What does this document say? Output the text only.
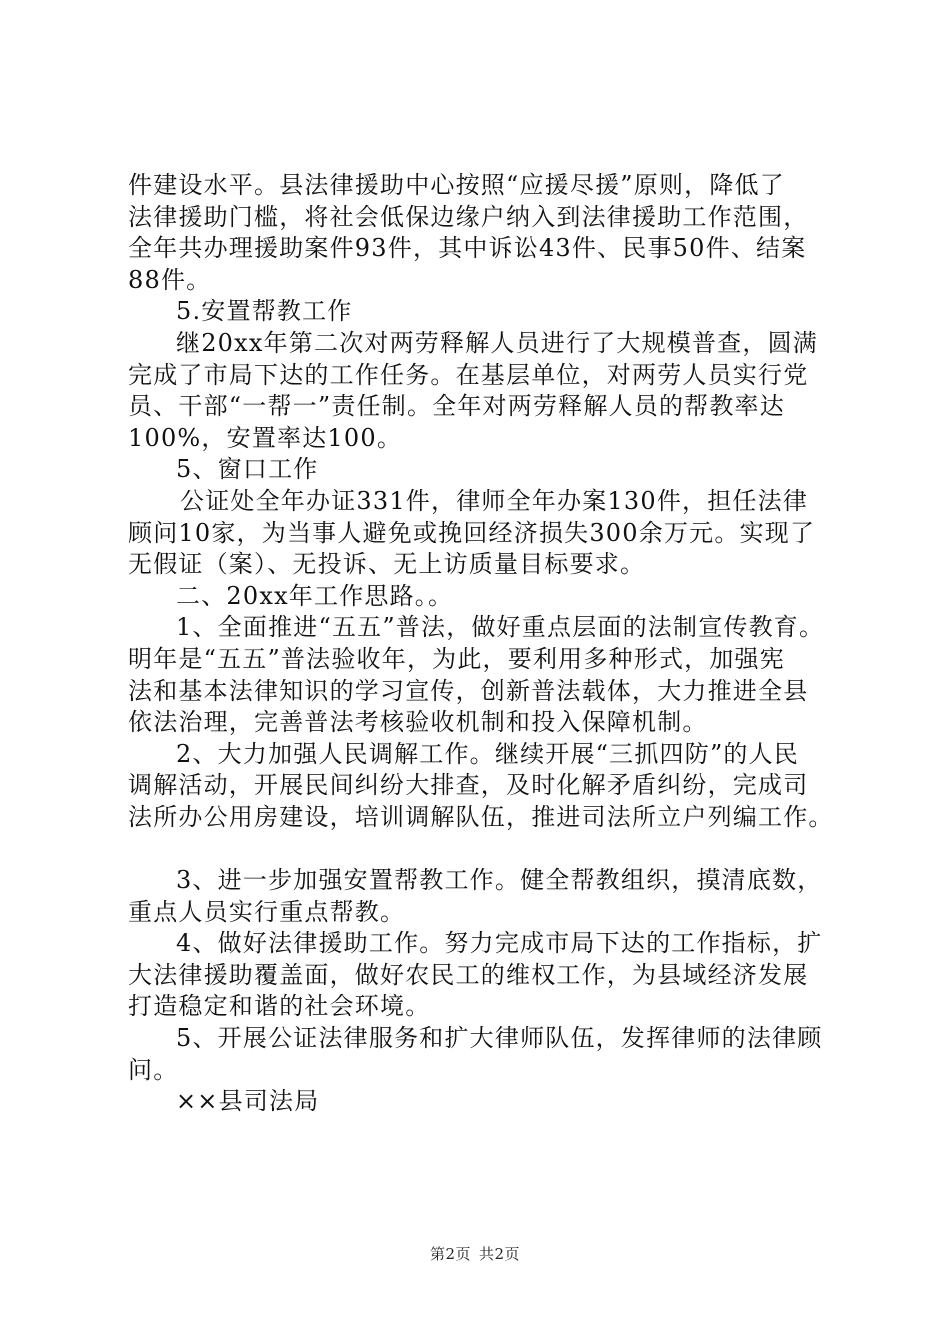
件建设水平。县法律援助中心按照“应援尽援”原则，降低了
法律援助门槛，将社会低保边缘户纳入到法律援助工作范围，
全年共办理援助案件93件，其中诉讼43件、民事50件、结案
88件。
5.安置帮教工作
继20xx年第二次对两劳释解人员进行了大规模普查，圆满
完成了市局下达的工作任务。在基层单位，对两劳人员实行党
员、干部“一帮一”责任制。全年对两劳释解人员的帮教率达
100%，安置率达100。
5、窗口工作
公证处全年办证331件，律师全年办案130件，担任法律
顾问10家，为当事人避免或挽回经济损失300余万元。实现了
无假证（案）、无投诉、无上访质量目标要求。
二、20xx年工作思路。。
1、全面推进“五五”普法，做好重点层面的法制宣传教育。
明年是“五五”普法验收年，为此，要利用多种形式，加强宪
法和基本法律知识的学习宣传，创新普法载体，大力推进全县
依法治理，完善普法考核验收机制和投入保障机制。
2、大力加强人民调解工作。继续开展“三抓四防”的人民
调解活动，开展民间纠纷大排查，及时化解矛盾纠纷，完成司
法所办公用房建设，培训调解队伍，推进司法所立户列编工作。
3、进一步加强安置帮教工作。健全帮教组织，摸清底数，
重点人员实行重点帮教。
4、做好法律援助工作。努力完成市局下达的工作指标，扩
大法律援助覆盖面，做好农民工的维权工作，为县域经济发展
打造稳定和谐的社会环境。
5、开展公证法律服务和扩大律师队伍，发挥律师的法律顾
问。
××县司法局
第2页 共2页
